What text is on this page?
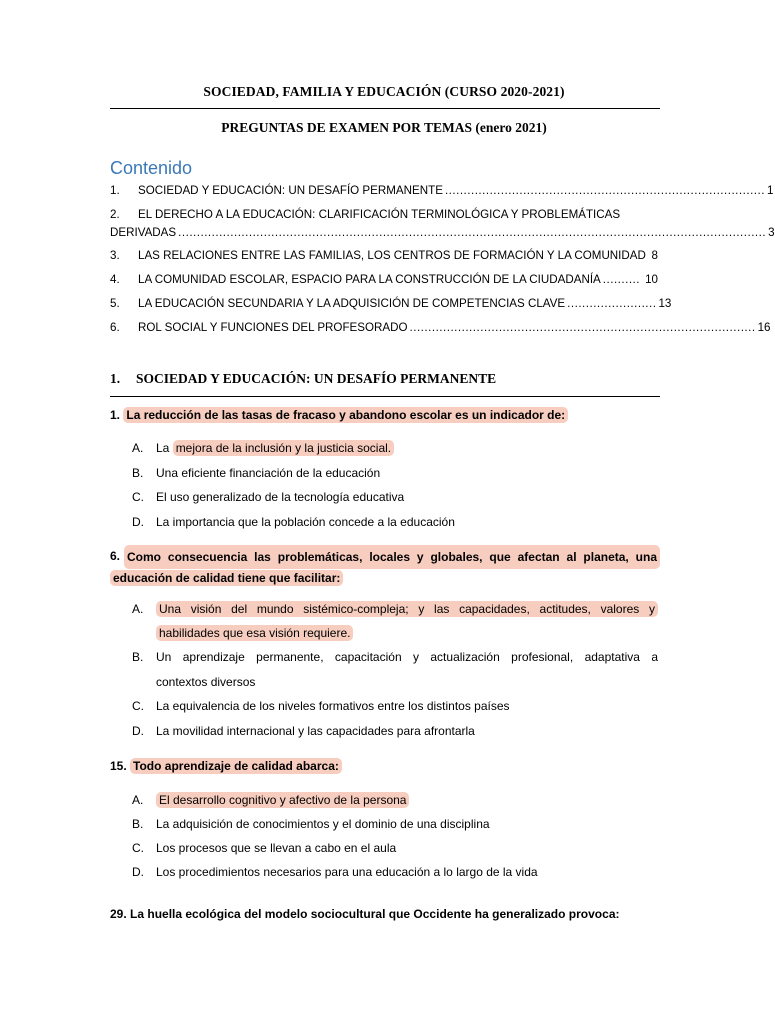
SOCIEDAD, FAMILIA Y EDUCACIÓN (CURSO 2020-2021)
PREGUNTAS DE EXAMEN POR TEMAS (enero 2021)
Contenido
1.	SOCIEDAD Y EDUCACIÓN: UN DESAFÍO PERMANENTE ...................................................................................... 1
2.	EL DERECHO A LA EDUCACIÓN: CLARIFICACIÓN TERMINOLÓGICA Y PROBLEMÁTICAS
DERIVADAS .............................................................................................................................................................. 3
3.	LAS RELACIONES ENTRE LAS FAMILIAS, LOS CENTROS DE FORMACIÓN Y LA COMUNIDAD 8
4.	LA COMUNIDAD ESCOLAR, ESPACIO PARA LA CONSTRUCCIÓN DE LA CIUDADANÍA .......... 10
5.	LA EDUCACIÓN SECUNDARIA Y LA ADQUISICIÓN DE COMPETENCIAS CLAVE ........................ 13
6.	ROL SOCIAL Y FUNCIONES DEL PROFESORADO ............................................................................................. 16
1. SOCIEDAD Y EDUCACIÓN: UN DESAFÍO PERMANENTE
1. La reducción de las tasas de fracaso y abandono escolar es un indicador de:
A.	La mejora de la inclusión y la justicia social.
B.	Una eficiente financiación de la educación
C.	El uso generalizado de la tecnología educativa
D.	La importancia que la población concede a la educación
6. Como consecuencia las problemáticas, locales y globales, que afectan al planeta, una
educación de calidad tiene que facilitar:
A.	Una visión del mundo sistémico-compleja; y las capacidades, actitudes, valores y
habilidades que esa visión requiere.
B.	Un aprendizaje permanente, capacitación y actualización profesional, adaptativa a
contextos diversos
C.	La equivalencia de los niveles formativos entre los distintos países
D.	La movilidad internacional y las capacidades para afrontarla
15. Todo aprendizaje de calidad abarca:
A.	El desarrollo cognitivo y afectivo de la persona
B.	La adquisición de conocimientos y el dominio de una disciplina
C.	Los procesos que se llevan a cabo en el aula
D.	Los procedimientos necesarios para una educación a lo largo de la vida
29. La huella ecológica del modelo sociocultural que Occidente ha generalizado provoca:
